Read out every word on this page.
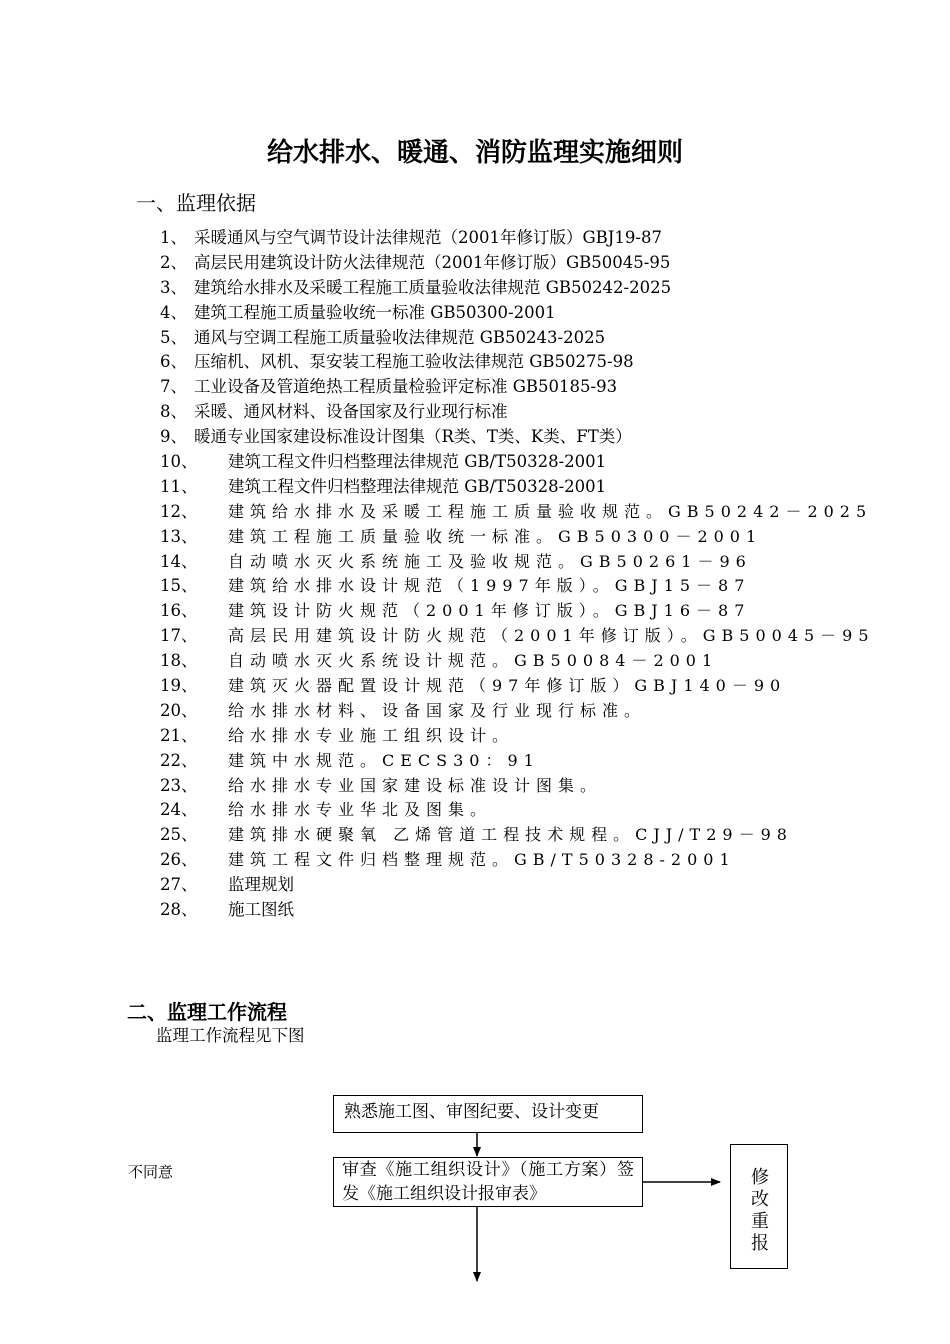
给水排水、暖通、消防监理实施细则
一、监理依据
1、 采暖通风与空气调节设计法律规范（2001年修订版）GBJ19-87
2、 高层民用建筑设计防火法律规范（2001年修订版）GB50045-95
3、 建筑给水排水及采暖工程施工质量验收法律规范 GB50242-2025
4、 建筑工程施工质量验收统一标准 GB50300-2001
5、 通风与空调工程施工质量验收法律规范 GB50243-2025
6、 压缩机、风机、泵安装工程施工验收法律规范 GB50275-98
7、 工业设备及管道绝热工程质量检验评定标准 GB50185-93
8、 采暖、通风材料、设备国家及行业现行标准
9、 暖通专业国家建设标准设计图集（R类、T类、K类、FT类）
10、 建筑工程文件归档整理法律规范 GB/T50328-2001
11、 建筑工程文件归档整理法律规范 GB/T50328-2001
12、 建筑给水排水及采暖工程施工质量验收规范。GB50242－2025
13、 建筑工程施工质量验收统一标准。GB50300－2001
14、 自动喷水灭火系统施工及验收规范。GB50261－96
15、 建筑给水排水设计规范（1997年版）。GBJ15－87
16、 建筑设计防火规范（2001年修订版）。GBJ16－87
17、 高层民用建筑设计防火规范（2001年修订版）。GB50045－95
18、 自动喷水灭火系统设计规范。GB50084－2001
19、 建筑灭火器配置设计规范（97年修订版）GBJ140－90
20、 给水排水材料、设备国家及行业现行标准。
21、 给水排水专业施工组织设计。
22、 建筑中水规范。CECS30：91
23、 给水排水专业国家建设标准设计图集。
24、 给水排水专业华北及图集。
25、 建筑排水硬聚氧 乙烯管道工程技术规程。CJJ/T29－98
26、 建筑工程文件归档整理规范。GB/T50328-2001
27、 监理规划
28、 施工图纸
二、监理工作流程
监理工作流程见下图
熟悉施工图、审图纪要、设计变更
审查《施工组织设计》（施工方案）签发《施工组织设计报审表》	修改重报
不同意
